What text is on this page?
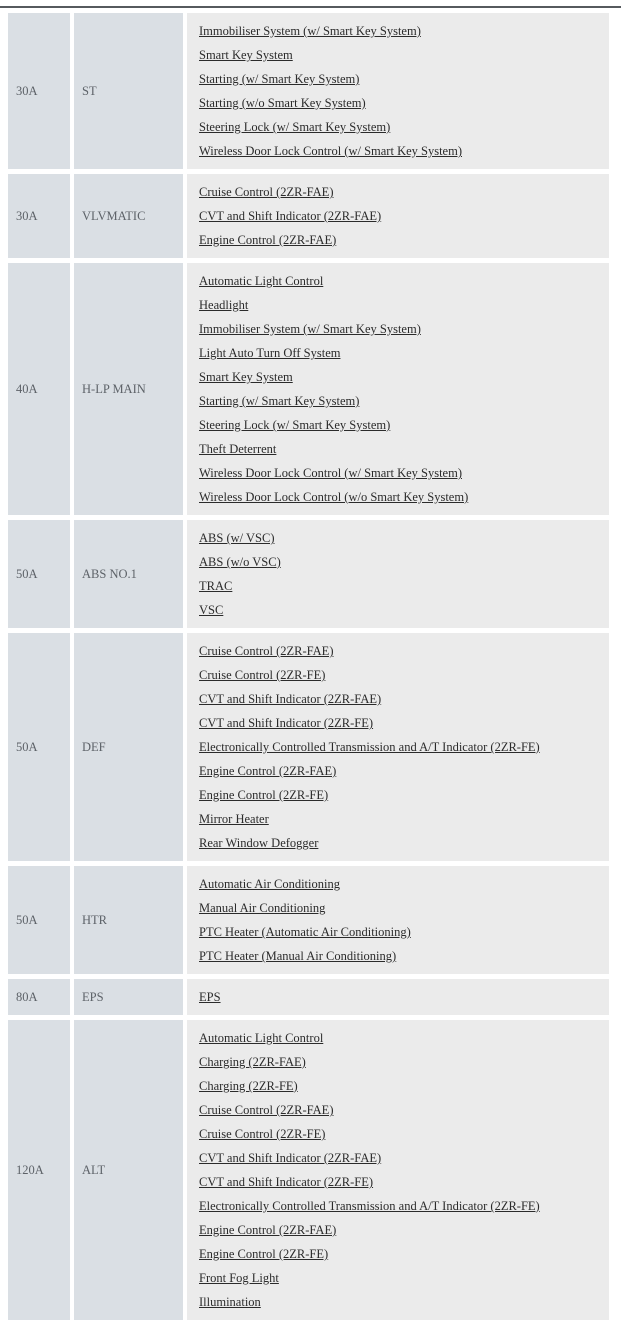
30A	ST	
Immobiliser System (w/ Smart Key System)
Smart Key System
Starting (w/ Smart Key System)
Starting (w/o Smart Key System)
Steering Lock (w/ Smart Key System)
Wireless Door Lock Control (w/ Smart Key System)

30A	VLVMATIC	Cruise Control (2ZR-FAE)
CVT and Shift Indicator (2ZR-FAE)
Engine Control (2ZR-FAE)

40A	H-LP MAIN	
Automatic Light Control
Headlight
Immobiliser System (w/ Smart Key System)
Light Auto Turn Off System
Smart Key System
Starting (w/ Smart Key System)
Steering Lock (w/ Smart Key System)
Theft Deterrent
Wireless Door Lock Control (w/ Smart Key System)
Wireless Door Lock Control (w/o Smart Key System)

50A	ABS NO.1	ABS (w/ VSC)
ABS (w/o VSC)
TRAC
VSC

50A	DEF	
Cruise Control (2ZR-FAE)
Cruise Control (2ZR-FE)
CVT and Shift Indicator (2ZR-FAE)
CVT and Shift Indicator (2ZR-FE)
Electronically Controlled Transmission and A/T Indicator (2ZR-FE)
Engine Control (2ZR-FAE)
Engine Control (2ZR-FE)
Mirror Heater
Rear Window Defogger

50A	HTR	Automatic Air Conditioning
Manual Air Conditioning
PTC Heater (Automatic Air Conditioning)
PTC Heater (Manual Air Conditioning)

80A	EPS	EPS

120A	ALT	
Automatic Light Control
Charging (2ZR-FAE)
Charging (2ZR-FE)
Cruise Control (2ZR-FAE)
Cruise Control (2ZR-FE)
CVT and Shift Indicator (2ZR-FAE)
CVT and Shift Indicator (2ZR-FE)
Electronically Controlled Transmission and A/T Indicator (2ZR-FE)
Engine Control (2ZR-FAE)
Engine Control (2ZR-FE)
Front Fog Light
Illumination
